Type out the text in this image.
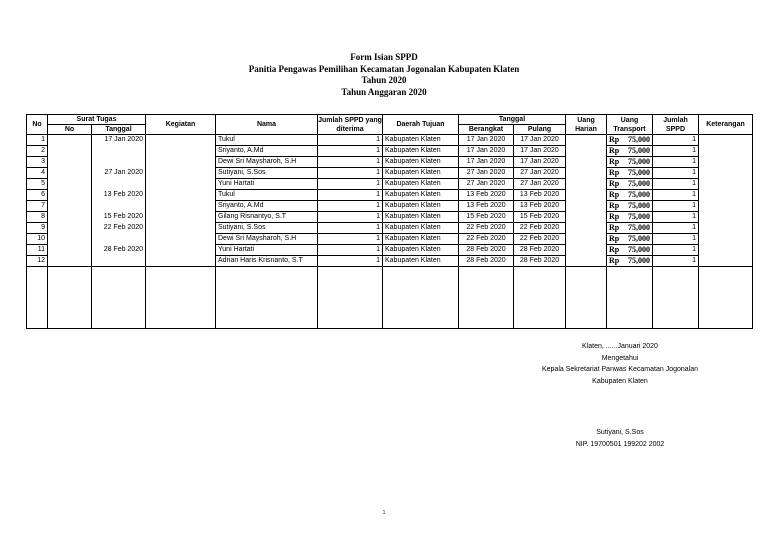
Form Isian SPPD
Panitia Pengawas Pemilihan Kecamatan Jogonalan Kabupaten Klaten
Tahun 2020
Tahun Anggaran 2020
No	Surat Tugas		Kegiatan	Nama	Jumlah SPPD yang diterima	Daerah Tujuan	Tanggal		Uang Harian	Uang Transport	Jumlah SPPD	Keterangan
	No	Tanggal					Berangkat	Pulang				
1		17 Jan 2020		Tukul	1	Kabupaten Klaten	17 Jan 2020	17 Jan 2020		Rp 75,000	1	
2				Sriyanto, A.Md	1	Kabupaten Klaten	17 Jan 2020	17 Jan 2020		Rp 75,000	1	
3				Dewi Sri Maysharoh, S.H	1	Kabupaten Klaten	17 Jan 2020	17 Jan 2020		Rp 75,000	1	
4		27 Jan 2020		Sutiyani, S.Sos	1	Kabupaten Klaten	27 Jan 2020	27 Jan 2020		Rp 75,000	1	
5				Yuni Hartati	1	Kabupaten Klaten	27 Jan 2020	27 Jan 2020		Rp 75,000	1	
6		13 Feb 2020		Tukul	1	Kabupaten Klaten	13 Feb 2020	13 Feb 2020		Rp 75,000	1	
7				Sriyanto, A.Md	1	Kabupaten Klaten	13 Feb 2020	13 Feb 2020		Rp 75,000	1	
8		15 Feb 2020		Gilang Risnantyo, S.T	1	Kabupaten Klaten	15 Feb 2020	15 Feb 2020		Rp 75,000	1	
9		22 Feb 2020		Sutiyani, S.Sos	1	Kabupaten Klaten	22 Feb 2020	22 Feb 2020		Rp 75,000	1	
10				Dewi Sri Maysharoh, S.H	1	Kabupaten Klaten	22 Feb 2020	22 Feb 2020		Rp 75,000	1	
11		28 Feb 2020		Yuni Hartati	1	Kabupaten Klaten	28 Feb 2020	28 Feb 2020		Rp 75,000	1	
12				Adrian Haris Krisnanto, S.T	1	Kabupaten Klaten	28 Feb 2020	28 Feb 2020		Rp 75,000	1	

Klaten, ......Januari 2020
Mengetahui
Kepala Sekretariat Panwas Kecamatan Jogonalan
Kabupaten Klaten
Sutiyani, S.Sos
NIP. 19700501 199202 2002
1
